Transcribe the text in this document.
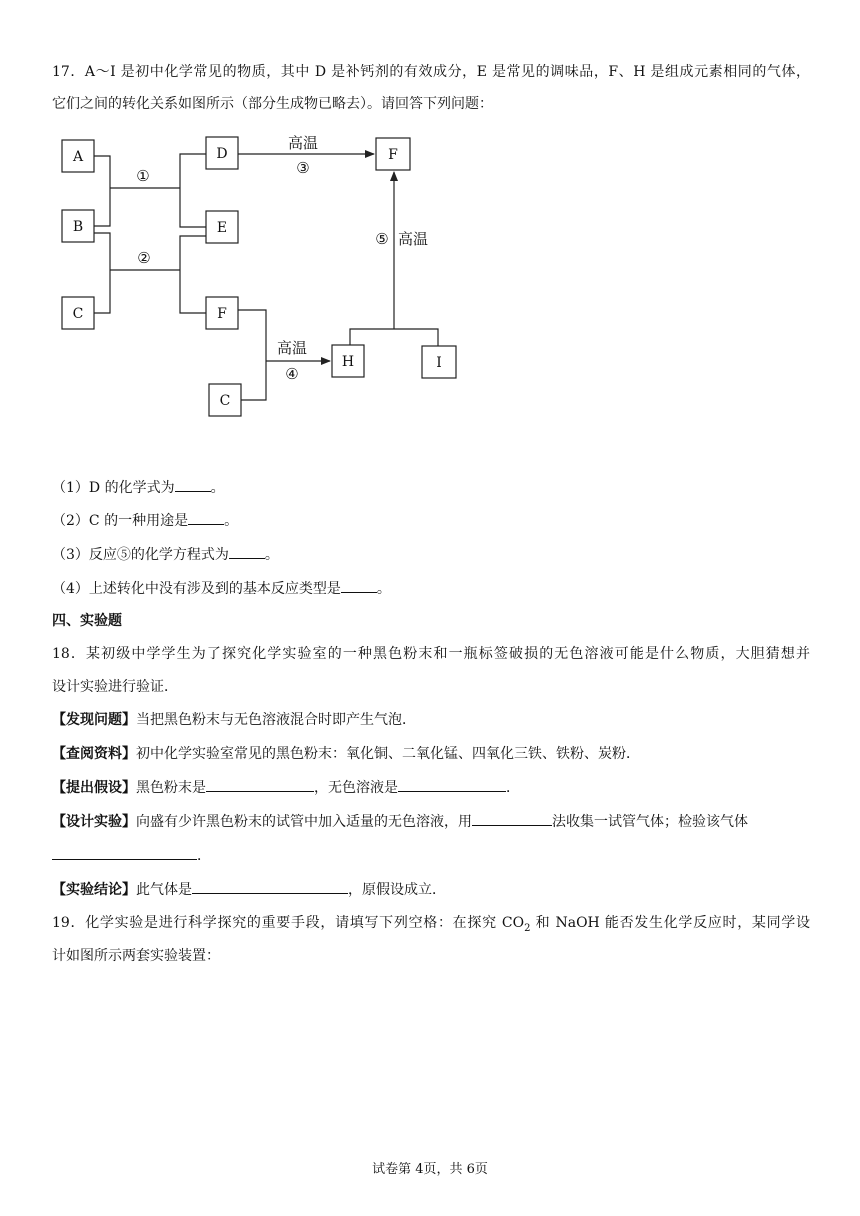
17．A～I 是初中化学常见的物质，其中 D 是补钙剂的有效成分，E 是常见的调味品，F、H 是组成元素相同的气体，
它们之间的转化关系如图所示（部分生成物已略去）。请回答下列问题：
A
B
C
D
E
F
C
H	I
F
①
②
高温
③
高温
④
⑤ 高温
（1）D 的化学式为	。
（2）C 的一种用途是	。
（3）反应⑤的化学方程式为	。
（4）上述转化中没有涉及到的基本反应类型是	。
四、实验题
18．某初级中学学生为了探究化学实验室的一种黑色粉末和一瓶标签破损的无色溶液可能是什么物质，大胆猜想并
设计实验进行验证．
【发现问题】当把黑色粉末与无色溶液混合时即产生气泡．
【查阅资料】初中化学实验室常见的黑色粉末：氧化铜、二氧化锰、四氧化三铁、铁粉、炭粉．
【提出假设】黑色粉末是	，无色溶液是	．
【设计实验】向盛有少许黑色粉末的试管中加入适量的无色溶液，用	法收集一试管气体；检验该气体
．
【实验结论】此气体是	，原假设成立．
19．化学实验是进行科学探究的重要手段，请填写下列空格：在探究 $CO_2$ 和 NaOH 能否发生化学反应时，某同学设
计如图所示两套实验装置：
试卷第 4页，共 6页
